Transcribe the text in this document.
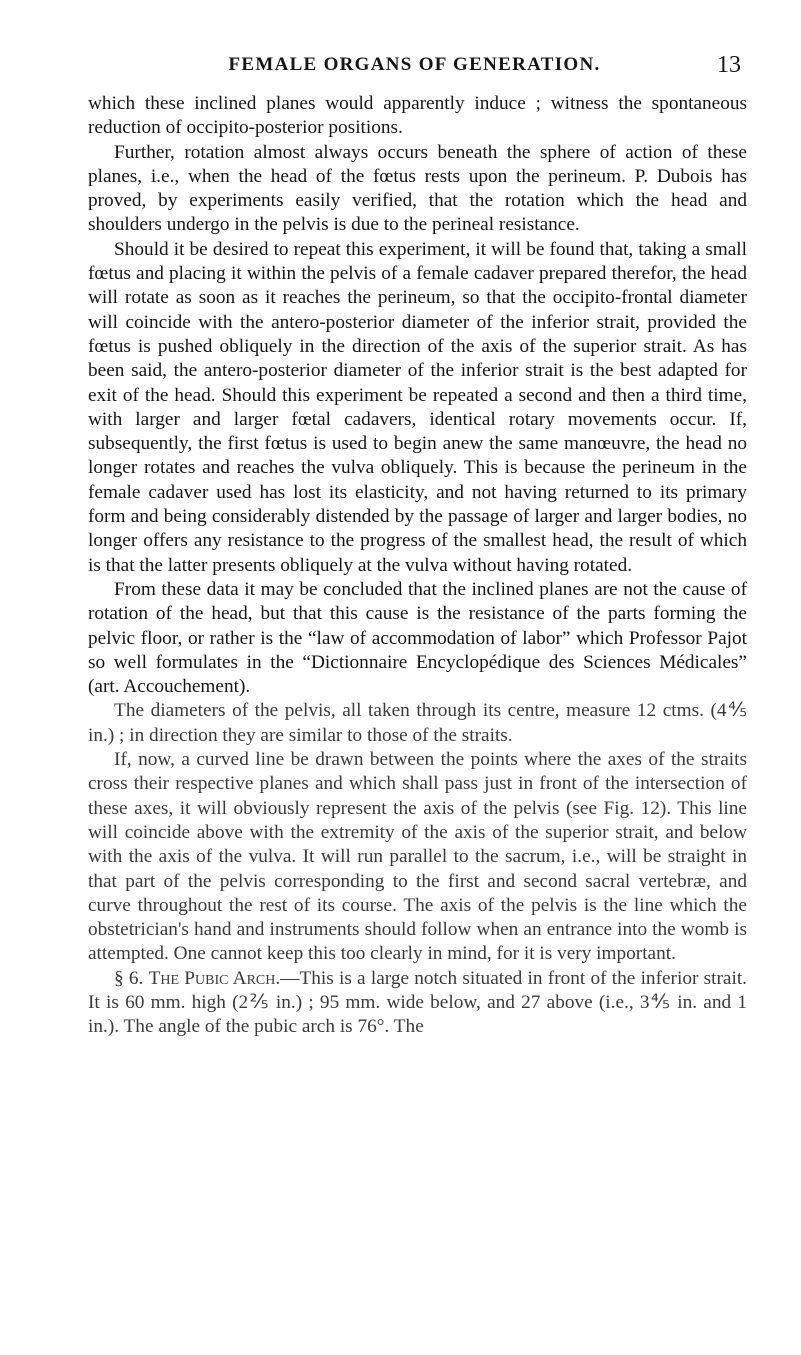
FEMALE ORGANS OF GENERATION.	13

which these inclined planes would apparently induce ; witness the spontaneous reduction of occipito-posterior positions.

Further, rotation almost always occurs beneath the sphere of action of these planes, i.e., when the head of the fœtus rests upon the perineum. P. Dubois has proved, by experiments easily verified, that the rotation which the head and shoulders undergo in the pelvis is due to the perineal resistance.

Should it be desired to repeat this experiment, it will be found that, taking a small fœtus and placing it within the pelvis of a female cadaver prepared therefor, the head will rotate as soon as it reaches the perineum, so that the occipito-frontal diameter will coincide with the antero-posterior diameter of the inferior strait, provided the fœtus is pushed obliquely in the direction of the axis of the superior strait. As has been said, the antero-posterior diameter of the inferior strait is the best adapted for exit of the head. Should this experiment be repeated a second and then a third time, with larger and larger fœtal cadavers, identical rotary movements occur. If, subsequently, the first fœtus is used to begin anew the same manœuvre, the head no longer rotates and reaches the vulva obliquely. This is because the perineum in the female cadaver used has lost its elasticity, and not having returned to its primary form and being considerably distended by the passage of larger and larger bodies, no longer offers any resistance to the progress of the smallest head, the result of which is that the latter presents obliquely at the vulva without having rotated.

From these data it may be concluded that the inclined planes are not the cause of rotation of the head, but that this cause is the resistance of the parts forming the pelvic floor, or rather is the “law of accommodation of labor” which Professor Pajot so well formulates in the “Dictionnaire Encyclopédique des Sciences Médicales” (art. Accouchement).

The diameters of the pelvis, all taken through its centre, measure 12 ctms. (4⅘ in.) ; in direction they are similar to those of the straits.

If, now, a curved line be drawn between the points where the axes of the straits cross their respective planes and which shall pass just in front of the intersection of these axes, it will obviously represent the axis of the pelvis (see Fig. 12). This line will coincide above with the extremity of the axis of the superior strait, and below with the axis of the vulva. It will run parallel to the sacrum, i.e., will be straight in that part of the pelvis corresponding to the first and second sacral vertebræ, and curve throughout the rest of its course. The axis of the pelvis is the line which the obstetrician's hand and instruments should follow when an entrance into the womb is attempted. One cannot keep this too clearly in mind, for it is very important.

§ 6. The Pubic Arch.—This is a large notch situated in front of the inferior strait. It is 60 mm. high (2⅖ in.) ; 95 mm. wide below, and 27 above (i.e., 3⅘ in. and 1 in.). The angle of the pubic arch is 76°. The
